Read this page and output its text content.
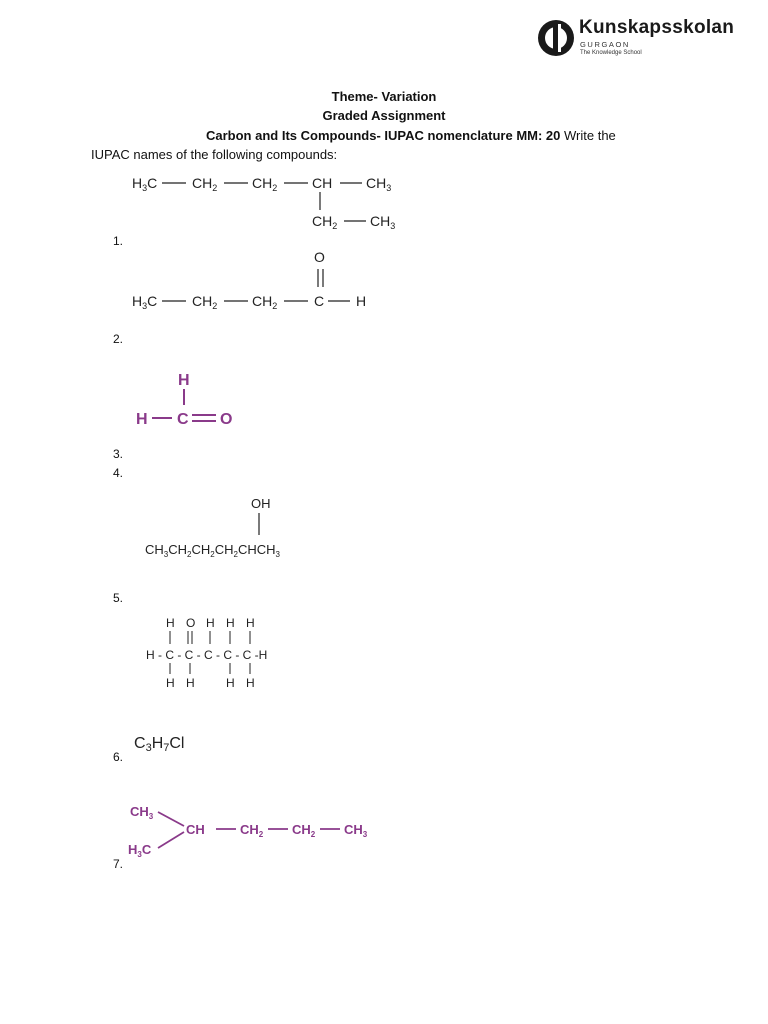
Kunskapsskolan
GURGAON
The Knowledge School
Theme- Variation
Graded Assignment
Carbon and Its Compounds- IUPAC nomenclature MM: 20 Write the
IUPAC names of the following compounds:
$H_3C$ $CH_2$ $CH_2$ CH $CH_3$
$CH_2$ $CH_3$
1.
O
$H_3C$ $CH_2$ $CH_2$	C H
2.
H
H C O
3.
4.
OH
$CH_3CH_2CH_2CH_2CHCH_3$
5.
H O H H H
H - C - C - C - C - C -H
H H	H H
C3H7Cl
6.
$CH_3$
$H_3C$
CH	$CH_2$ $CH_2$ $CH_3$
7.
